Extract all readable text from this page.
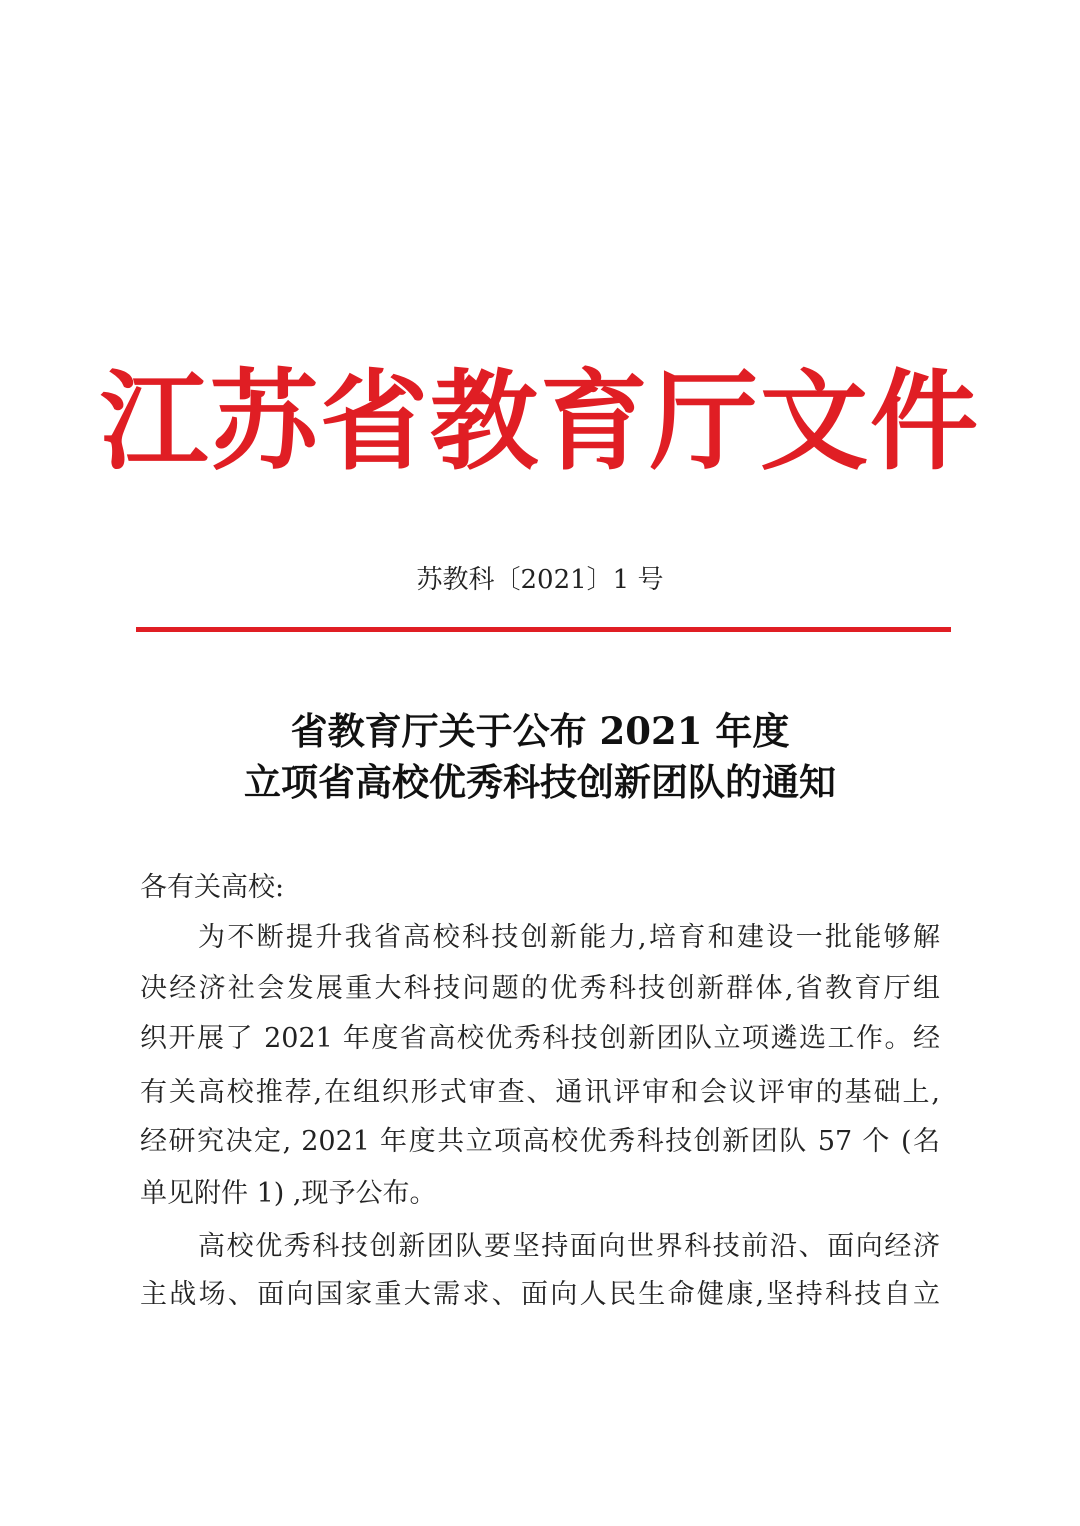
江苏省教育厅文件
苏教科〔2021〕1 号
省教育厅关于公布 2021 年度
立项省高校优秀科技创新团队的通知
各有关高校:
为不断提升我省高校科技创新能力,培育和建设一批能够解
决经济社会发展重大科技问题的优秀科技创新群体,省教育厅组
织开展了 2021 年度省高校优秀科技创新团队立项遴选工作。经
有关高校推荐,在组织形式审查、通讯评审和会议评审的基础上,
经研究决定, 2021 年度共立项高校优秀科技创新团队 57 个 (名
单见附件 1) ,现予公布。
高校优秀科技创新团队要坚持面向世界科技前沿、面向经济
主战场、面向国家重大需求、面向人民生命健康,坚持科技自立
